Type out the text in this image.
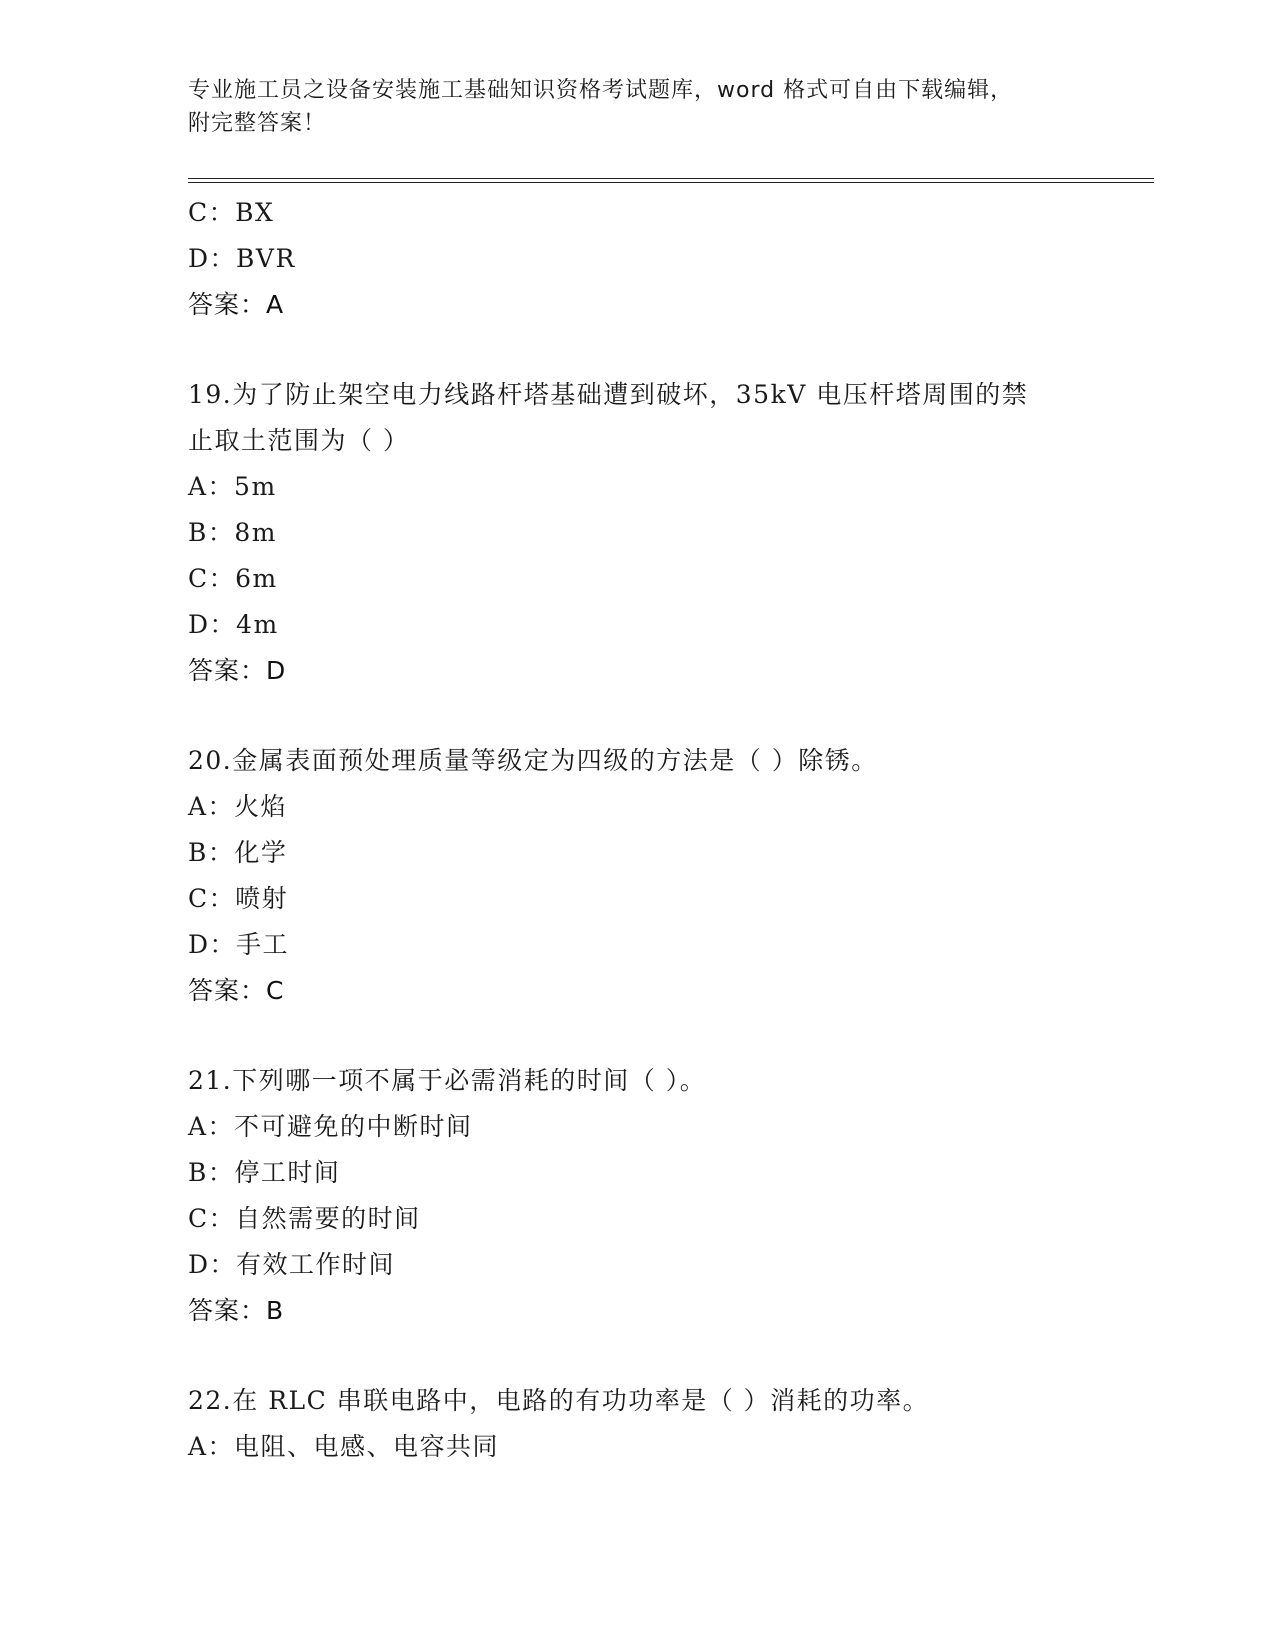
专业施工员之设备安装施工基础知识资格考试题库，word 格式可自由下载编辑，
附完整答案！
C：BX
D：BVR
答案：A
19.为了防止架空电力线路杆塔基础遭到破坏，35kV 电压杆塔周围的禁
止取土范围为（ ）
A：5m
B：8m
C：6m
D：4m
答案：D
20.金属表面预处理质量等级定为四级的方法是（ ）除锈。
A：火焰
B：化学
C：喷射
D：手工
答案：C
21.下列哪一项不属于必需消耗的时间（ ）。
A：不可避免的中断时间
B：停工时间
C：自然需要的时间
D：有效工作时间
答案：B
22.在 RLC 串联电路中，电路的有功功率是（ ）消耗的功率。
A：电阻、电感、电容共同
